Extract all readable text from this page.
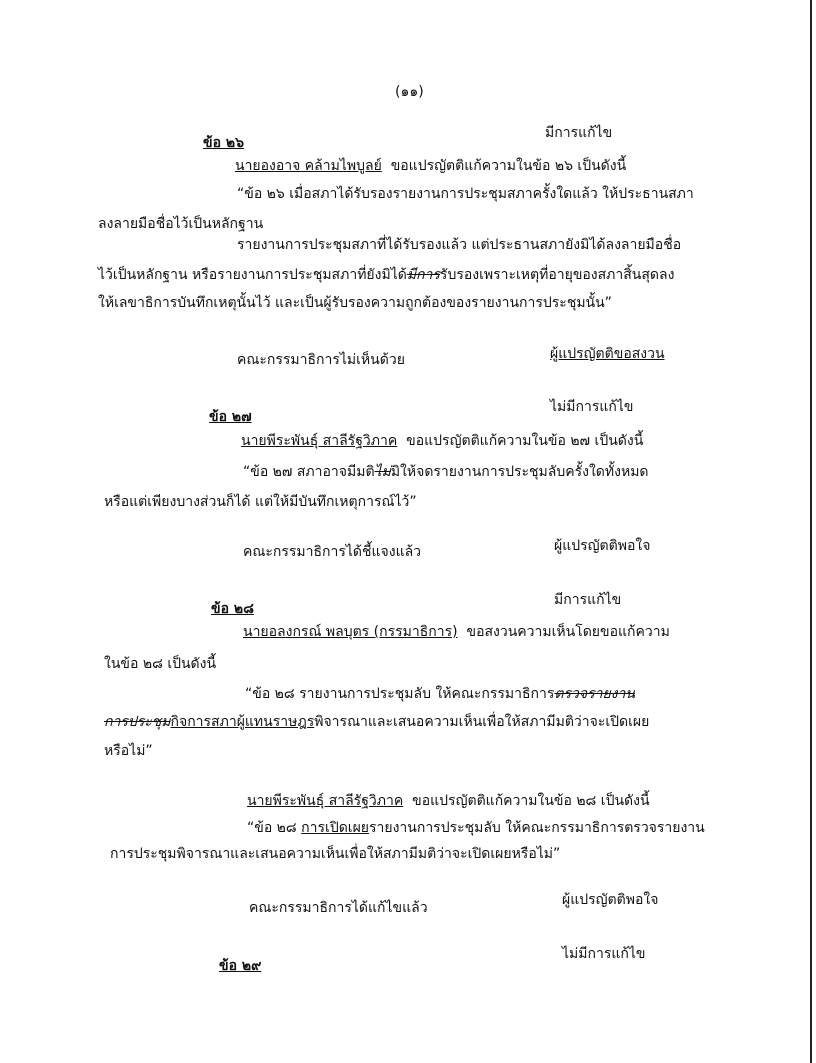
(๑๑)
ข้อ ๒๖
มีการแก้ไข
นายองอาจ คล้ามไพบูลย์ ขอแปรญัตติแก้ความในข้อ ๒๖ เป็นดังนี้
“ข้อ ๒๖ เมื่อสภาได้รับรองรายงานการประชุมสภาครั้งใดแล้ว ให้ประธานสภา
ลงลายมือชื่อไว้เป็นหลักฐาน
รายงานการประชุมสภาที่ได้รับรองแล้ว แต่ประธานสภายังมิได้ลงลายมือชื่อ
ไว้เป็นหลักฐาน หรือรายงานการประชุมสภาที่ยังมิได้มีการรับรองเพราะเหตุที่อายุของสภาสิ้นสุดลง
ให้เลขาธิการบันทึกเหตุนั้นไว้ และเป็นผู้รับรองความถูกต้องของรายงานการประชุมนั้น”
คณะกรรมาธิการไม่เห็นด้วย	ผู้แปรญัตติขอสงวน
ไม่มีการแก้ไข
ข้อ ๒๗
นายพีระพันธุ์ สาลีรัฐวิภาค ขอแปรญัตติแก้ความในข้อ ๒๗ เป็นดังนี้
“ข้อ ๒๗ สภาอาจมีมติไม่มิให้จดรายงานการประชุมลับครั้งใดทั้งหมด
หรือแต่เพียงบางส่วนก็ได้ แต่ให้มีบันทึกเหตุการณ์ไว้”
คณะกรรมาธิการได้ชี้แจงแล้ว	ผู้แปรญัตติพอใจ
มีการแก้ไข
ข้อ ๒๘
นายอลงกรณ์ พลบุตร (กรรมาธิการ) ขอสงวนความเห็นโดยขอแก้ความ
ในข้อ ๒๘ เป็นดังนี้
“ข้อ ๒๘ รายงานการประชุมลับ ให้คณะกรรมาธิการตรวจรายงาน
การประชุมกิจการสภาผู้แทนราษฎรพิจารณาและเสนอความเห็นเพื่อให้สภามีมติว่าจะเปิดเผย
หรือไม่”
นายพีระพันธุ์ สาลีรัฐวิภาค ขอแปรญัตติแก้ความในข้อ ๒๘ เป็นดังนี้
“ข้อ ๒๘ การเปิดเผยรายงานการประชุมลับ ให้คณะกรรมาธิการตรวจรายงาน
การประชุมพิจารณาและเสนอความเห็นเพื่อให้สภามีมติว่าจะเปิดเผยหรือไม่”
คณะกรรมาธิการได้แก้ไขแล้ว	ผู้แปรญัตติพอใจ
ไม่มีการแก้ไข
ข้อ ๒๙
